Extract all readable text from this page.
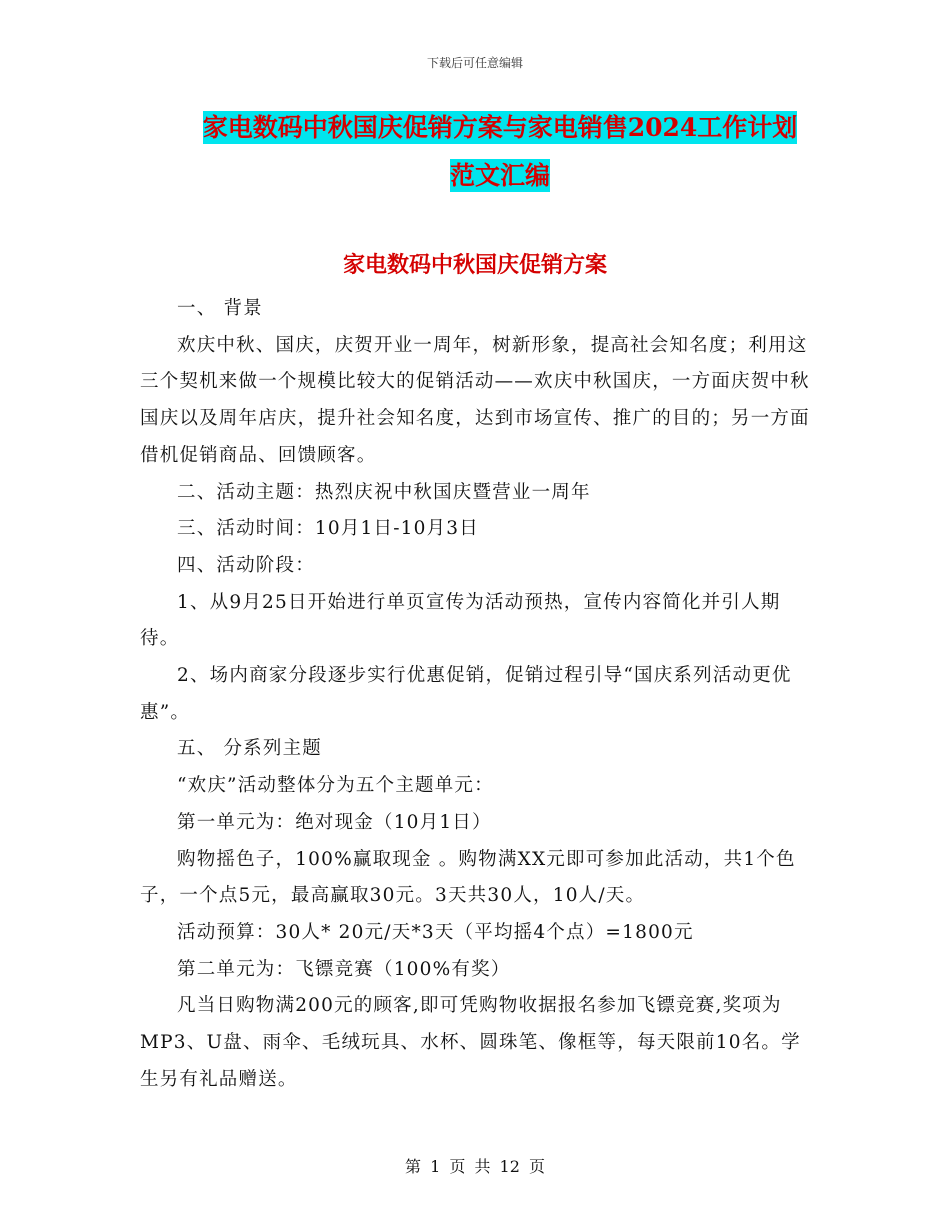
下载后可任意编辑
家电数码中秋国庆促销方案与家电销售2024工作计划
范文汇编
家电数码中秋国庆促销方案

一、 背景

欢庆中秋、国庆，庆贺开业一周年，树新形象，提高社会知名度；利用这三个契机来做一个规模比较大的促销活动——欢庆中秋国庆，一方面庆贺中秋国庆以及周年店庆，提升社会知名度，达到市场宣传、推广的目的；另一方面借机促销商品、回馈顾客。

二、活动主题：热烈庆祝中秋国庆暨营业一周年

三、活动时间：10月1日-10月3日

四、活动阶段：

1、从9月25日开始进行单页宣传为活动预热，宣传内容简化并引人期待。

2、场内商家分段逐步实行优惠促销，促销过程引导“国庆系列活动更优惠”。

五、 分系列主题

“欢庆”活动整体分为五个主题单元：

第一单元为：绝对现金（10月1日）

购物摇色子，100%赢取现金 。购物满XX元即可参加此活动，共1个色子，一个点5元，最高赢取30元。3天共30人，10人/天。

活动预算：30人* 20元/天*3天（平均摇4个点）=1800元

第二单元为：飞镖竞赛（100%有奖）

凡当日购物满200元的顾客,即可凭购物收据报名参加飞镖竞赛,奖项为MP3、U盘、雨伞、毛绒玩具、水杯、圆珠笔、像框等，每天限前10名。学生另有礼品赠送。

第 1 页 共 12 页
